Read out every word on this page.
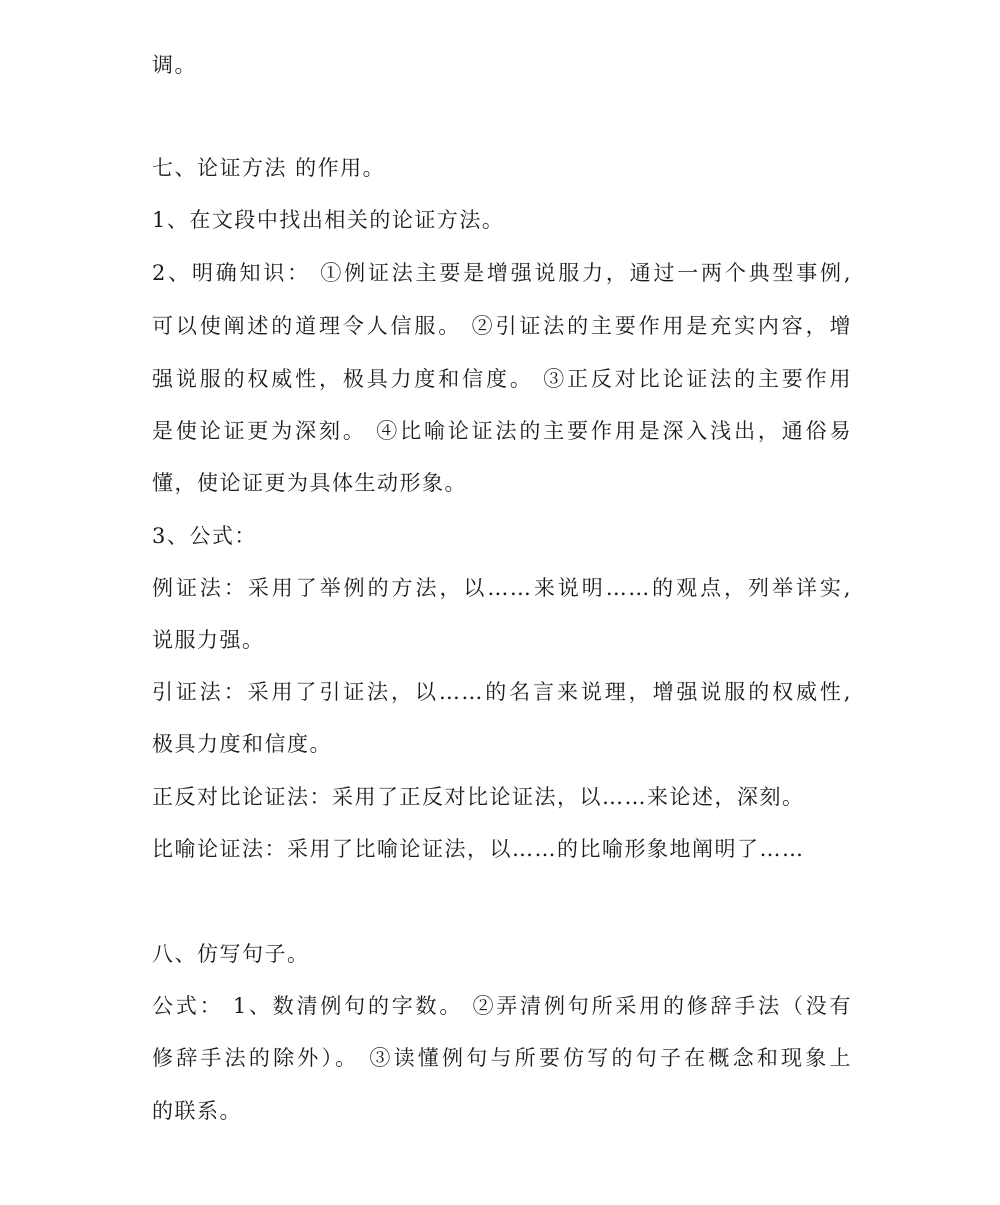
调。
七、论证方法 的作用。
1、在文段中找出相关的论证方法。
2、明确知识： ①例证法主要是增强说服力，通过一两个典型事例,
可以使阐述的道理令人信服。 ②引证法的主要作用是充实内容，增
强说服的权威性，极具力度和信度。 ③正反对比论证法的主要作用
是使论证更为深刻。 ④比喻论证法的主要作用是深入浅出，通俗易
懂，使论证更为具体生动形象。
3、公式：
例证法：采用了举例的方法，以……来说明……的观点，列举详实,
说服力强。
引证法：采用了引证法，以……的名言来说理，增强说服的权威性,
极具力度和信度。
正反对比论证法：采用了正反对比论证法，以……来论述，深刻。
比喻论证法：采用了比喻论证法，以……的比喻形象地阐明了……
八、仿写句子。
公式： 1、数清例句的字数。 ②弄清例句所采用的修辞手法（没有
修辞手法的除外）。 ③读懂例句与所要仿写的句子在概念和现象上
的联系。
